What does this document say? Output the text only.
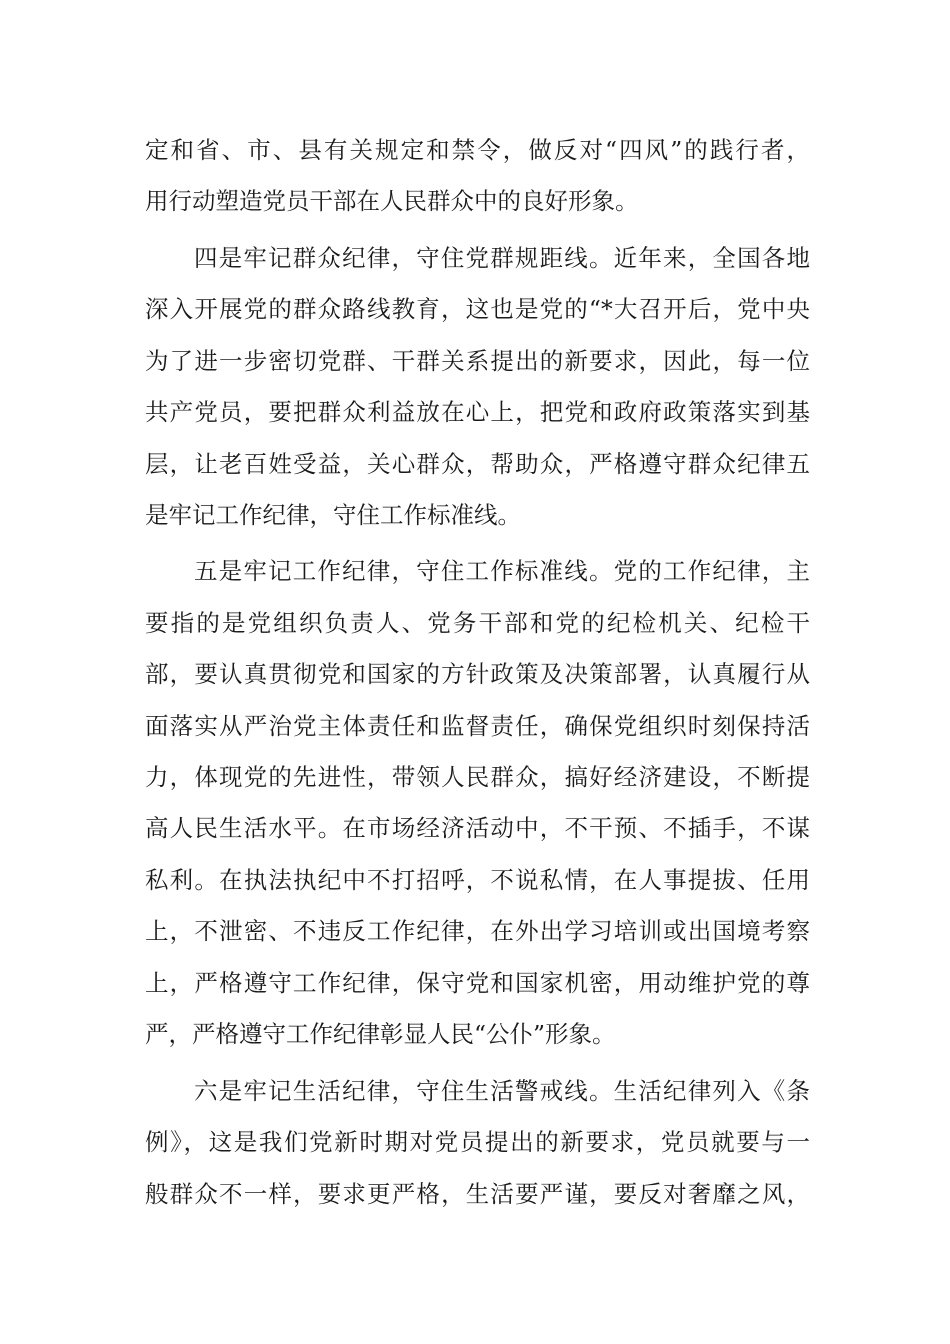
定和省、市、县有关规定和禁令，做反对“四风”的践行者，
用行动塑造党员干部在人民群众中的良好形象。
四是牢记群众纪律，守住党群规距线。近年来，全国各地
深入开展党的群众路线教育，这也是党的“*大召开后，党中央
为了进一步密切党群、干群关系提出的新要求，因此，每一位
共产党员，要把群众利益放在心上，把党和政府政策落实到基
层，让老百姓受益，关心群众，帮助众，严格遵守群众纪律五
是牢记工作纪律，守住工作标准线。
五是牢记工作纪律，守住工作标准线。党的工作纪律，主
要指的是党组织负责人、党务干部和党的纪检机关、纪检干
部，要认真贯彻党和国家的方针政策及决策部署，认真履行从
面落实从严治党主体责任和监督责任，确保党组织时刻保持活
力，体现党的先进性，带领人民群众，搞好经济建设，不断提
高人民生活水平。在市场经济活动中，不干预、不插手，不谋
私利。在执法执纪中不打招呼，不说私情，在人事提拔、任用
上，不泄密、不违反工作纪律，在外出学习培训或出国境考察
上，严格遵守工作纪律，保守党和国家机密，用动维护党的尊
严，严格遵守工作纪律彰显人民“公仆”形象。
六是牢记生活纪律，守住生活警戒线。生活纪律列入《条
例》，这是我们党新时期对党员提出的新要求，党员就要与一
般群众不一样，要求更严格，生活要严谨，要反对奢靡之风，
